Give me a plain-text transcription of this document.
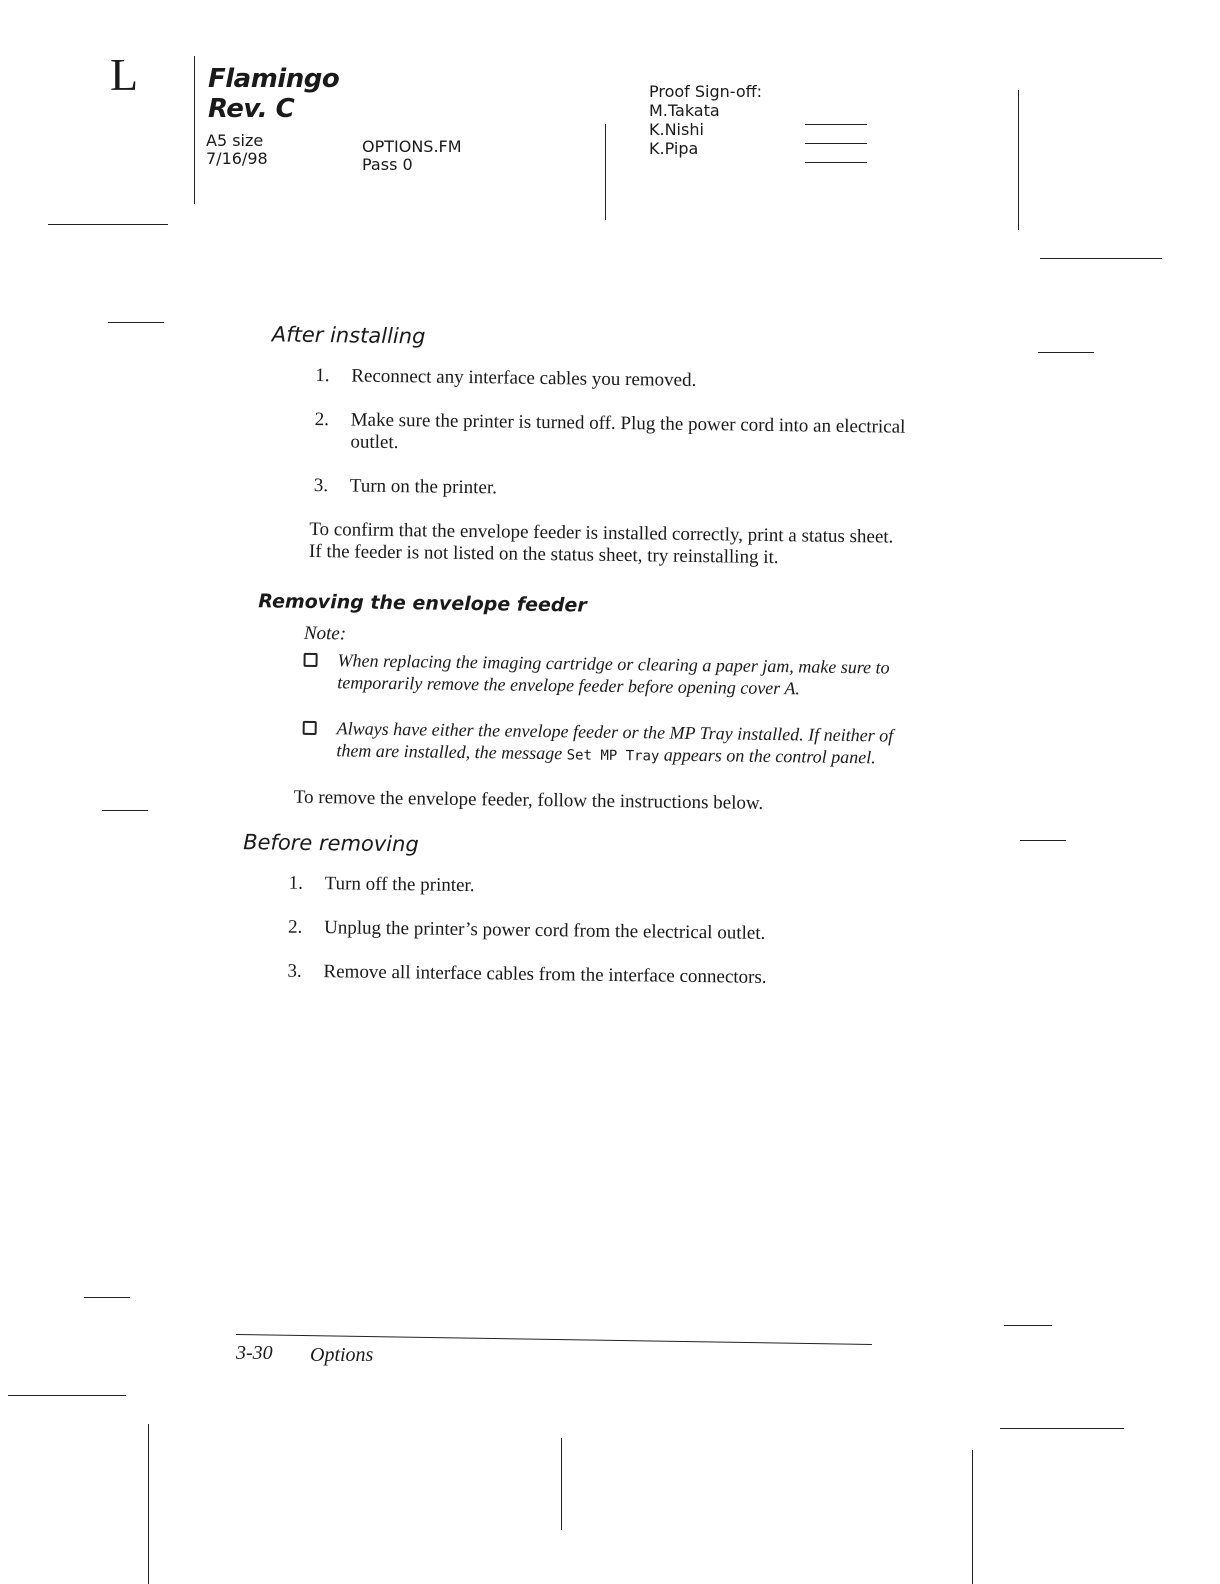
L	Flamingo
Rev. C
A5 size
7/16/98
OPTIONS.FM
Pass 0
Proof Sign-off:
M.Takata
K.Nishi
K.Pipa
After installing
1. Reconnect any interface cables you removed.
2. Make sure the printer is turned off. Plug the power cord into an electrical outlet.
3. Turn on the printer.
To confirm that the envelope feeder is installed correctly, print a status sheet. If the feeder is not listed on the status sheet, try reinstalling it.
Removing the envelope feeder
Note:
When replacing the imaging cartridge or clearing a paper jam, make sure to temporarily remove the envelope feeder before opening cover A.
Always have either the envelope feeder or the MP Tray installed. If neither of them are installed, the message Set MP Tray appears on the control panel.
To remove the envelope feeder, follow the instructions below.
Before removing
1. Turn off the printer.
2. Unplug the printer’s power cord from the electrical outlet.
3. Remove all interface cables from the interface connectors.
3-30 Options
